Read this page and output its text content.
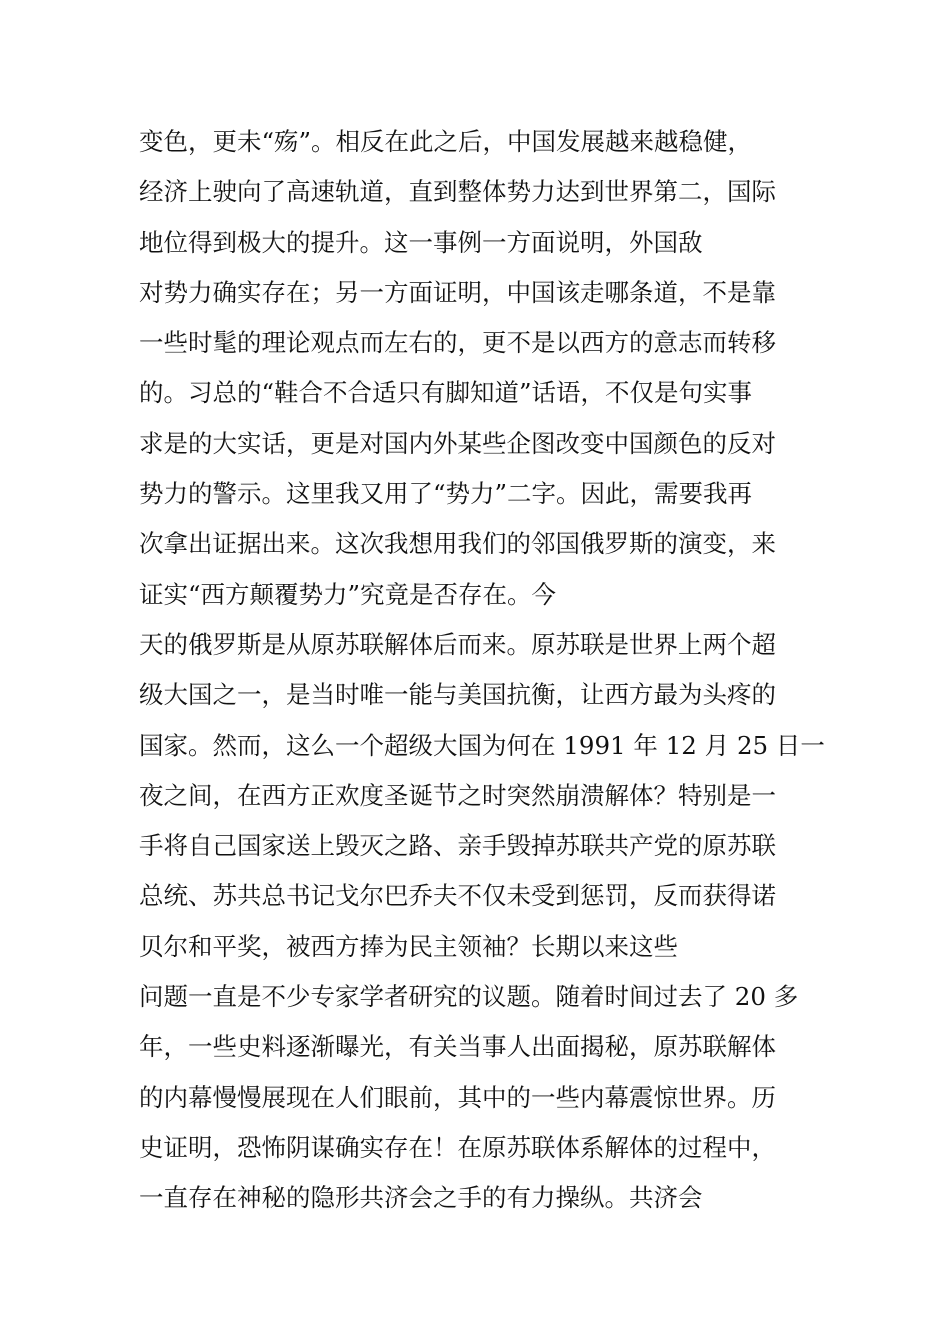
变色，更未“殇”。相反在此之后，中国发展越来越稳健，
经济上驶向了高速轨道，直到整体势力达到世界第二，国际
地位得到极大的提升。这一事例一方面说明，外国敌
对势力确实存在；另一方面证明，中国该走哪条道，不是靠
一些时髦的理论观点而左右的，更不是以西方的意志而转移
的。习总的“鞋合不合适只有脚知道”话语，不仅是句实事
求是的大实话，更是对国内外某些企图改变中国颜色的反对
势力的警示。这里我又用了“势力”二字。因此，需要我再
次拿出证据出来。这次我想用我们的邻国俄罗斯的演变，来
证实“西方颠覆势力”究竟是否存在。今
天的俄罗斯是从原苏联解体后而来。原苏联是世界上两个超
级大国之一，是当时唯一能与美国抗衡，让西方最为头疼的
国家。然而，这么一个超级大国为何在 1991 年 12 月 25 日一
夜之间，在西方正欢度圣诞节之时突然崩溃解体？特别是一
手将自己国家送上毁灭之路、亲手毁掉苏联共产党的原苏联
总统、苏共总书记戈尔巴乔夫不仅未受到惩罚，反而获得诺
贝尔和平奖，被西方捧为民主领袖？长期以来这些
问题一直是不少专家学者研究的议题。随着时间过去了 20 多
年，一些史料逐渐曝光，有关当事人出面揭秘，原苏联解体
的内幕慢慢展现在人们眼前，其中的一些内幕震惊世界。历
史证明，恐怖阴谋确实存在！在原苏联体系解体的过程中，
一直存在神秘的隐形共济会之手的有力操纵。共济会
